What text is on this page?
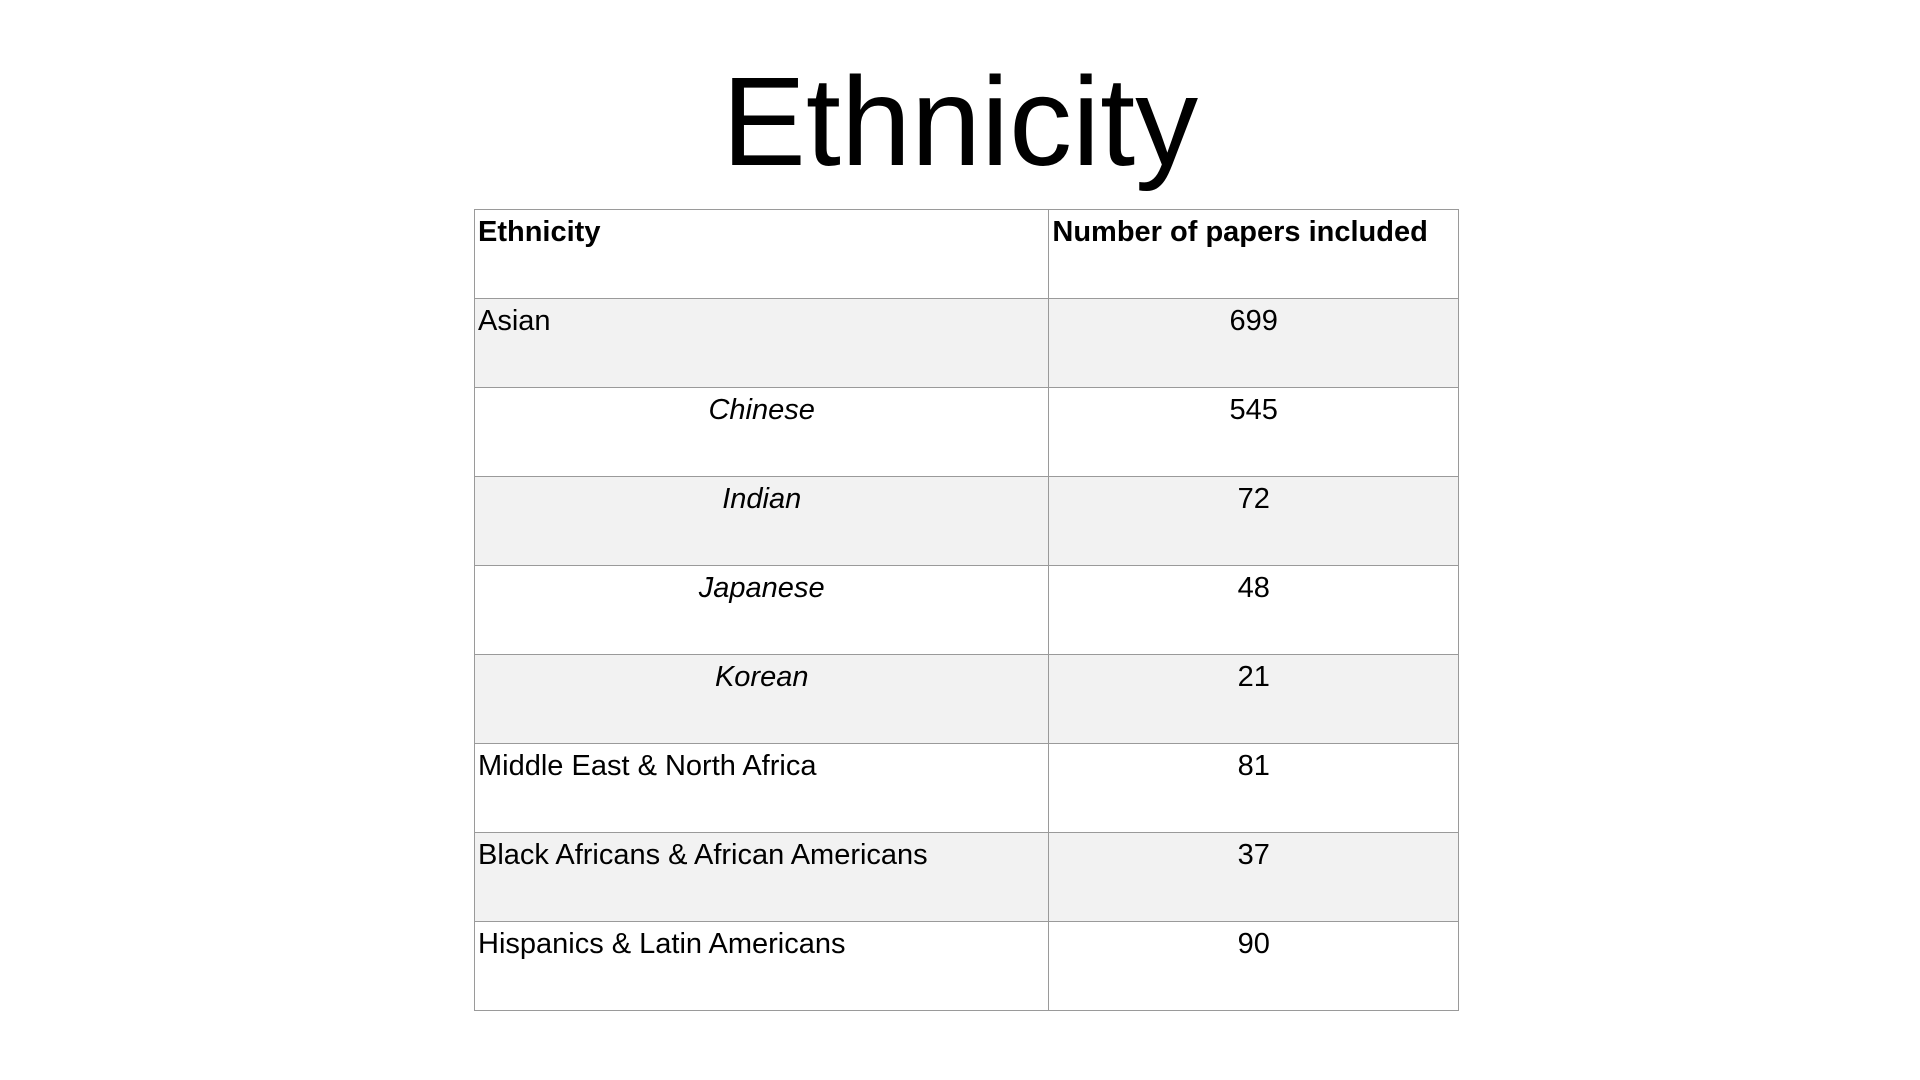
Ethnicity
Ethnicity	Number of papers included
Asian	699
Chinese	545
Indian	72
Japanese	48
Korean	21
Middle East & North Africa	81
Black Africans & African Americans	37
Hispanics & Latin Americans	90
